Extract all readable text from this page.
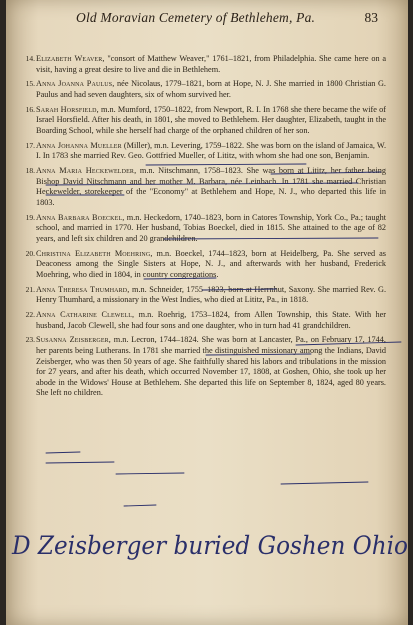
Old Moravian Cemetery of Bethlehem, Pa.	83

14. Elizabeth Weaver, "consort of Matthew Weaver," 1761–1821, from Philadelphia. She came here on a visit, having a great desire to live and die in Bethlehem.

15. Anna Joanna Paulus, née Nicolaus, 1779–1821, born at Hope, N. J. She married in 1800 Christian G. Paulus and had seven daughters, six of whom survived her.

16. Sarah Horsfield, m.n. Mumford, 1750–1822, from Newport, R. I. In 1768 she there became the wife of Israel Horsfield. After his death, in 1801, she moved to Bethlehem. Her daughter, Elizabeth, taught in the Boarding School, while she herself had charge of the orphaned children of her son.

17. Anna Johanna Mueller (Miller), m.n. Levering, 1759–1822. She was born on the island of Jamaica, W. I. In 1783 she married Rev. Geo. Gottfried Mueller, of Lititz, with whom she had one son, Benjamin.

18. Anna Maria Heckewelder, m.n. Nitschmann, 1758–1823. She was born at Lititz, her father being Bishop David Nitschmann and her mother M. Barbara, née Leinbach. In 1781 she married Christian Heckewelder, storekeeper of the "Economy" at Bethlehem and Hope, N. J., who departed this life in 1803.

19. Anna Barbara Boeckel, m.n. Heckedorn, 1740–1823, born in Catores Township, York Co., Pa.; taught school, and married in 1770. Her husband, Tobias Boeckel, died in 1815. She attained to the age of 82 years, and left six children and 20 grandchildren.

20. Christina Elizabeth Moehring, m.n. Boeckel, 1744–1823, born at Heidelberg, Pa. She served as Deaconess among the Single Sisters at Hope, N. J., and afterwards with her husband, Frederick Moehring, who died in 1804, in country congregations.

21. Anna Theresa Thumhard, m.n. Schneider, 1755–1823, born at Herrnhut, Saxony. She married Rev. G. Henry Thumhard, a missionary in the West Indies, who died at Lititz, Pa., in 1818.

22. Anna Catharine Clewell, m.n. Roehrig, 1753–1824, from Allen Township, this State. With her husband, Jacob Clewell, she had four sons and one daughter, who in turn had 41 grandchildren.

23. Susanna Zeisberger, m.n. Lecron, 1744–1824. She was born at Lancaster, Pa., on February 17, 1744, her parents being Lutherans. In 1781 she married the distinguished missionary among the Indians, David Zeisberger, who was then 50 years of age. She faithfully shared his labors and tribulations in the mission for 27 years, and after his death, which occurred November 17, 1808, at Goshen, Ohio, she took up her abode in the Widows' House at Bethlehem. She departed this life on September 8, 1824, aged 80 years. She left no children.

D Zeisberger buried Goshen Ohio
